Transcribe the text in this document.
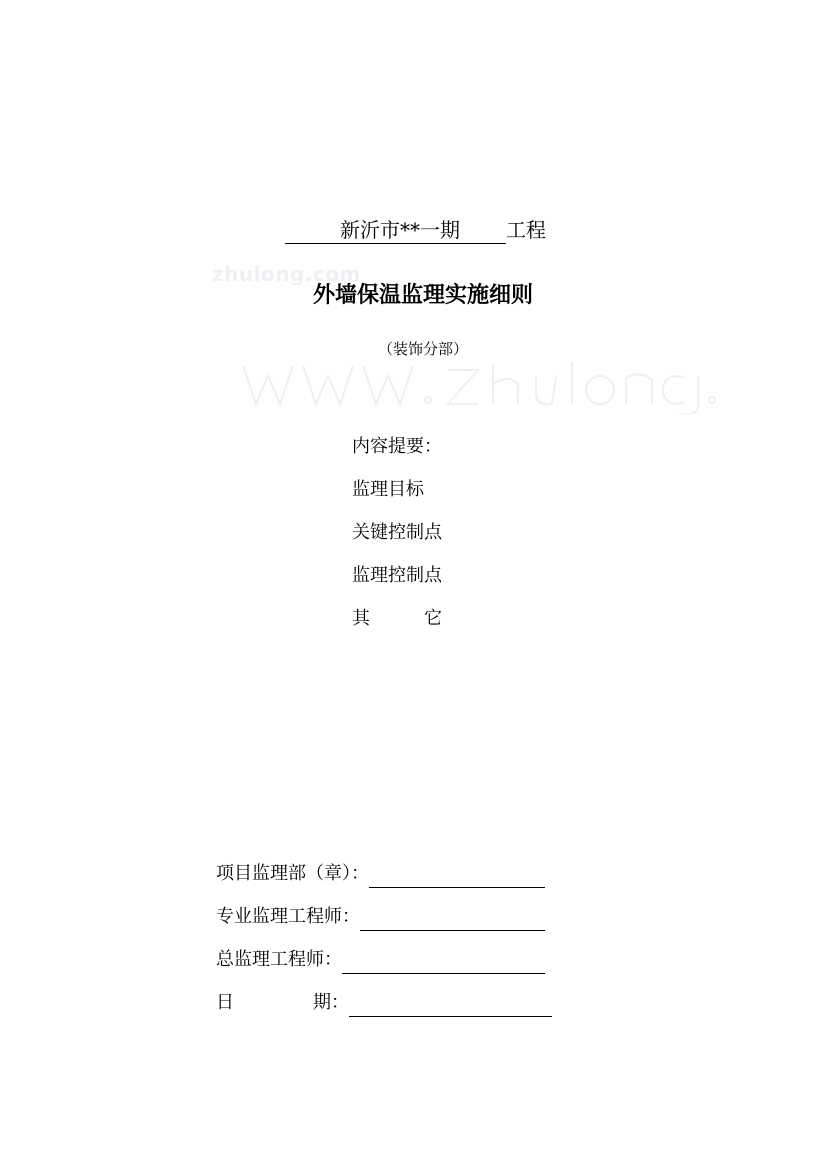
zhulong.com
新沂市**一期 工程
外墙保温监理实施细则
（装饰分部）
内容提要：
监理目标
关键控制点
监理控制点
其	它
项目监理部（章）：
专业监理工程师：
总监理工程师：
日	期：
